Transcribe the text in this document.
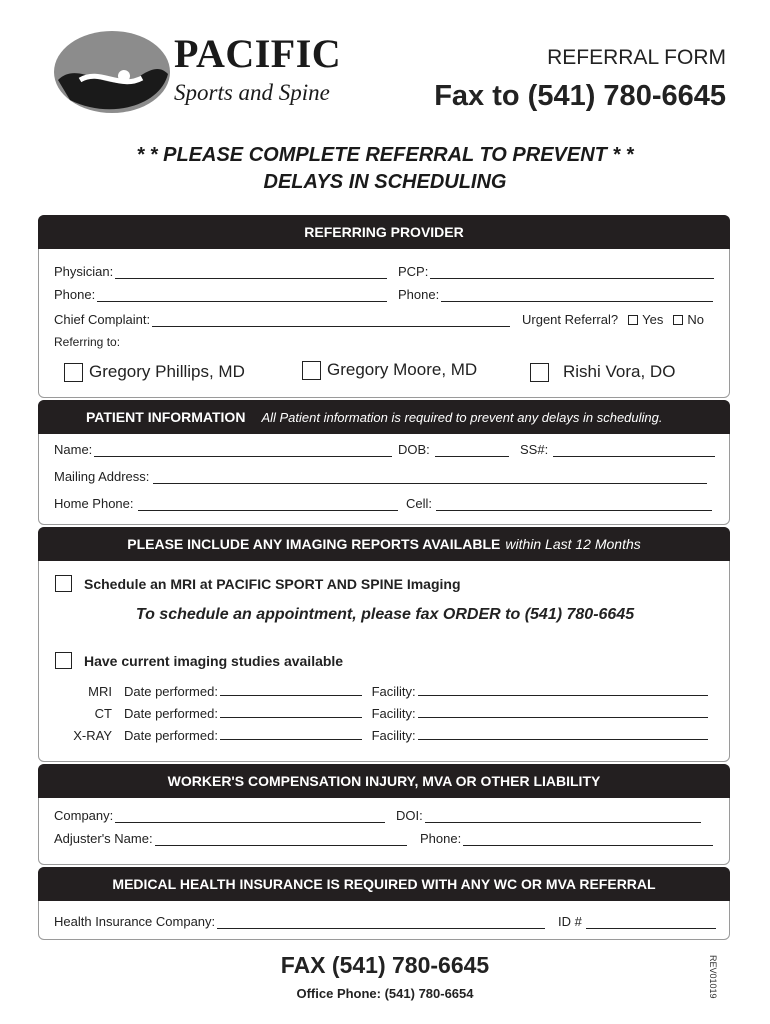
PACIFIC
Sports and Spine
REFERRAL FORM
Fax to (541) 780-6645
* * PLEASE COMPLETE REFERRAL TO PREVENT * *
DELAYS IN SCHEDULING
REFERRING PROVIDER
Physician:	PCP:
Phone:	Phone:
Chief Complaint:	Urgent Referral? Yes No
Referring to:
Gregory Phillips, MD	Gregory Moore, MD	Rishi Vora, DO
PATIENT INFORMATION All Patient information is required to prevent any delays in scheduling.
Name:	DOB:	SS#:
Mailing Address:
Home Phone:	Cell:
PLEASE INCLUDE ANY IMAGING REPORTS AVAILABLE within Last 12 Months
Schedule an MRI at PACIFIC SPORT AND SPINE Imaging
To schedule an appointment, please fax ORDER to (541) 780-6645
Have current imaging studies available
MRI Date performed:	Facility:
CT Date performed:	Facility:
X-RAY Date performed:	Facility:
WORKER'S COMPENSATION INJURY, MVA OR OTHER LIABILITY
Company:	DOI:
Adjuster's Name:	Phone:
MEDICAL HEALTH INSURANCE IS REQUIRED WITH ANY WC OR MVA REFERRAL
Health Insurance Company:	ID #
FAX (541) 780-6645
Office Phone: (541) 780-6654	REV01019
